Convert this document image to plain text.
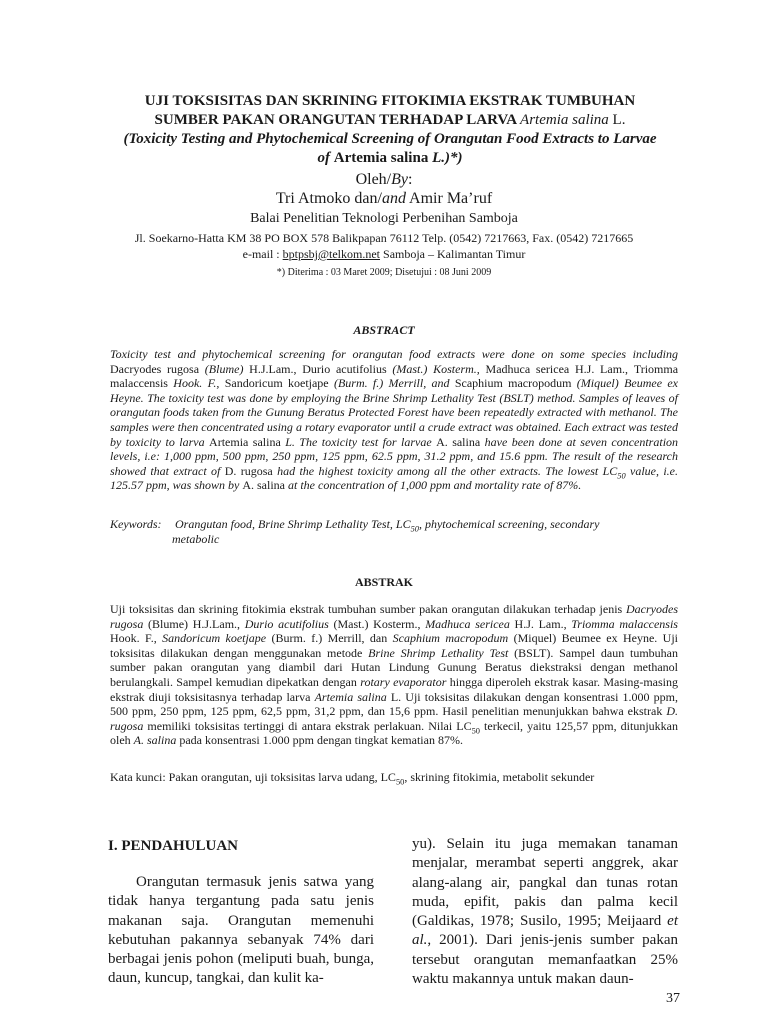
UJI TOKSISITAS DAN SKRINING FITOKIMIA EKSTRAK TUMBUHAN
SUMBER PAKAN ORANGUTAN TERHADAP LARVA Artemia salina L.
(Toxicity Testing and Phytochemical Screening of Orangutan Food Extracts to Larvae
of Artemia salina L.)*)
Oleh/By:
Tri Atmoko dan/and Amir Ma’ruf
Balai Penelitian Teknologi Perbenihan Samboja
Jl. Soekarno-Hatta KM 38 PO BOX 578 Balikpapan 76112 Telp. (0542) 7217663, Fax. (0542) 7217665
e-mail : bptpsbj@telkom.net Samboja – Kalimantan Timur
*) Diterima : 03 Maret 2009; Disetujui : 08 Juni 2009
ABSTRACT
Toxicity test and phytochemical screening for orangutan food extracts were done on some species including Dacryodes rugosa (Blume) H.J.Lam., Durio acutifolius (Mast.) Kosterm., Madhuca sericea H.J. Lam., Triomma malaccensis Hook. F., Sandoricum koetjape (Burm. f.) Merrill, and Scaphium macropodum (Miquel) Beumee ex Heyne. The toxicity test was done by employing the Brine Shrimp Lethality Test (BSLT) method. Samples of leaves of orangutan foods taken from the Gunung Beratus Protected Forest have been repeatedly extracted with methanol. The samples were then concentrated using a rotary evaporator until a crude extract was obtained. Each extract was tested by toxicity to larva Artemia salina L. The toxicity test for larvae A. salina have been done at seven concentration levels, i.e: 1,000 ppm, 500 ppm, 250 ppm, 125 ppm, 62.5 ppm, 31.2 ppm, and 15.6 ppm. The result of the research showed that extract of D. rugosa had the highest toxicity among all the other extracts. The lowest $LC_{50}$ value, i.e. 125.57 ppm, was shown by A. salina at the concentration of 1,000 ppm and mortality rate of 87%.
Keywords: Orangutan food, Brine Shrimp Lethality Test, $LC_{50}$, phytochemical screening, secondary
metabolic
ABSTRAK
Uji toksisitas dan skrining fitokimia ekstrak tumbuhan sumber pakan orangutan dilakukan terhadap jenis Dacryodes rugosa (Blume) H.J.Lam., Durio acutifolius (Mast.) Kosterm., Madhuca sericea H.J. Lam., Triomma malaccensis Hook. F., Sandoricum koetjape (Burm. f.) Merrill, dan Scaphium macropodum (Miquel) Beumee ex Heyne. Uji toksisitas dilakukan dengan menggunakan metode Brine Shrimp Lethality Test (BSLT). Sampel daun tumbuhan sumber pakan orangutan yang diambil dari Hutan Lindung Gunung Beratus diekstraksi dengan methanol berulangkali. Sampel kemudian dipekatkan dengan rotary evaporator hingga diperoleh ekstrak kasar. Masing-masing ekstrak diuji toksisitasnya terhadap larva Artemia salina L. Uji toksisitas dilakukan dengan konsentrasi 1.000 ppm, 500 ppm, 250 ppm, 125 ppm, 62,5 ppm, 31,2 ppm, dan 15,6 ppm. Hasil penelitian menunjukkan bahwa ekstrak D. rugosa memiliki toksisitas tertinggi di antara ekstrak perlakuan. Nilai $LC_{50}$ terkecil, yaitu 125,57 ppm, ditunjukkan oleh A. salina pada konsentrasi 1.000 ppm dengan tingkat kematian 87%.
Kata kunci: Pakan orangutan, uji toksisitas larva udang, $LC_{50}$, skrining fitokimia, metabolit sekunder
I. PENDAHULUAN
Orangutan termasuk jenis satwa yang tidak hanya tergantung pada satu jenis makanan saja. Orangutan memenuhi kebutuhan pakannya sebanyak 74% dari berbagai jenis pohon (meliputi buah, bunga, daun, kuncup, tangkai, dan kulit ka-
yu). Selain itu juga memakan tanaman menjalar, merambat seperti anggrek, akar alang-alang air, pangkal dan tunas rotan muda, epifit, pakis dan palma kecil (Galdikas, 1978; Susilo, 1995; Meijaard et al., 2001). Dari jenis-jenis sumber pakan tersebut orangutan memanfaatkan 25% waktu makannya untuk makan daun-
37
